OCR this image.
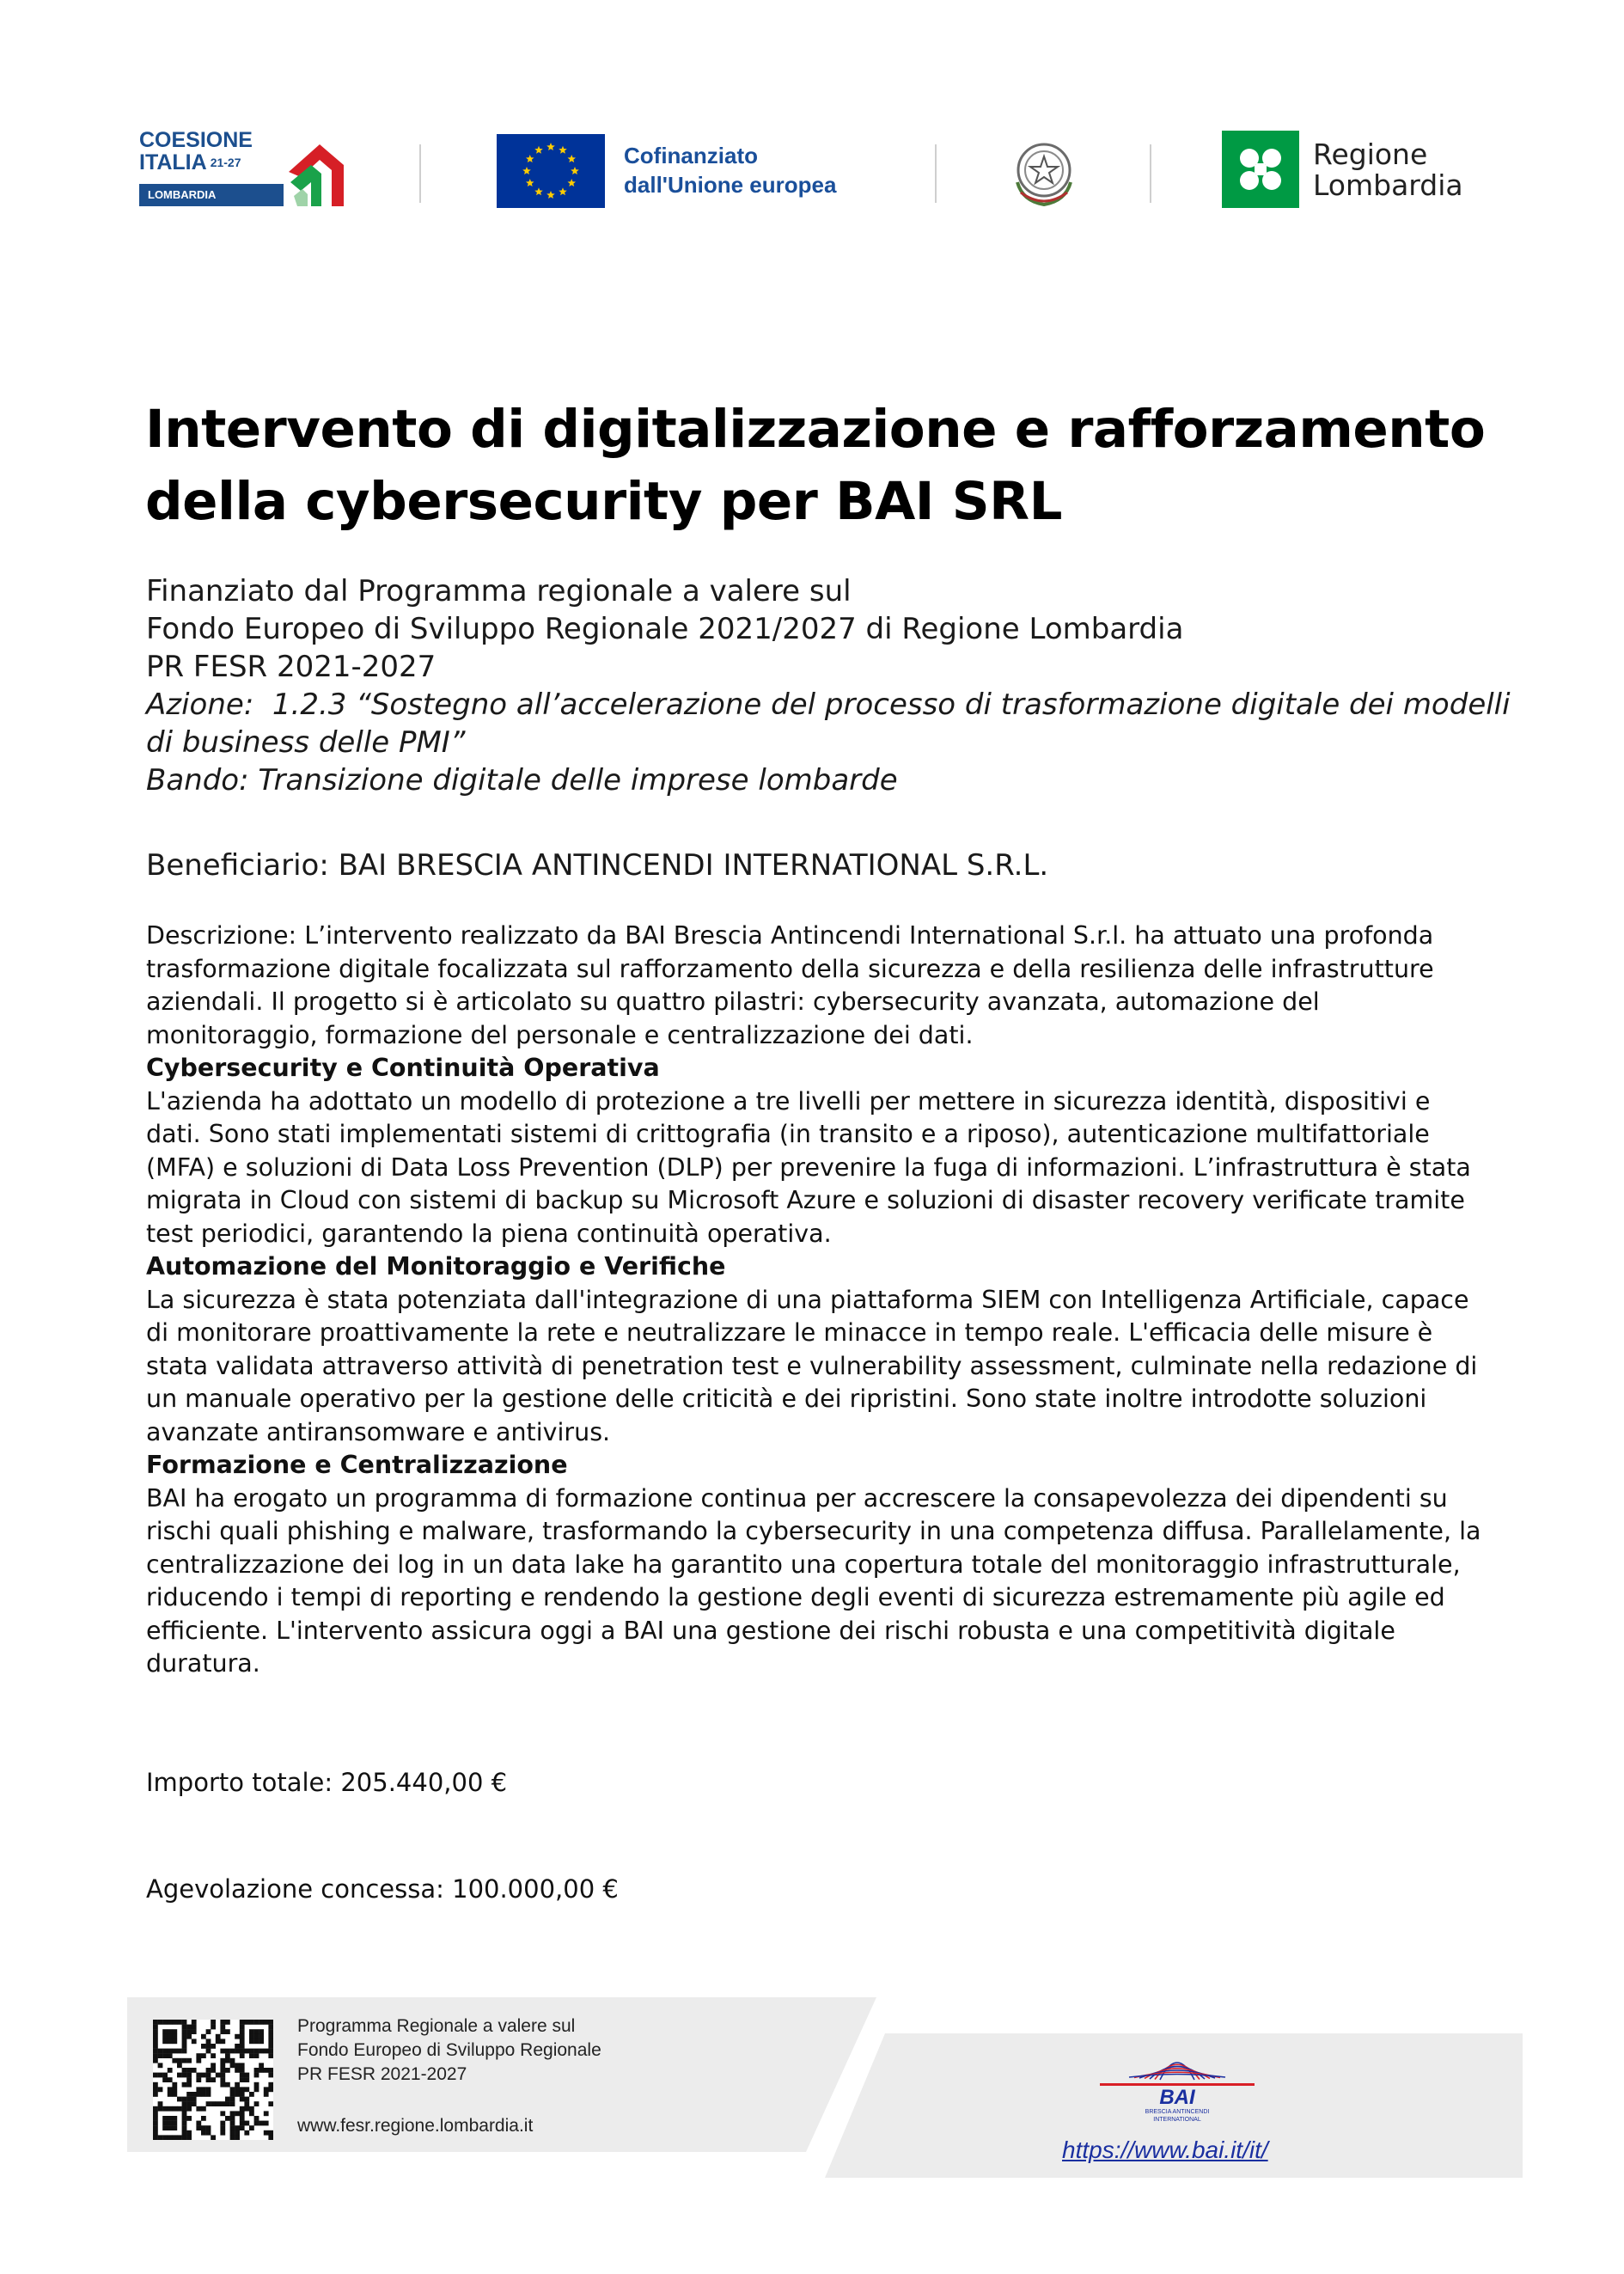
COESIONE
ITALIA $^{21-27}$
LOMBARDIA
Cofinanziato
dall'Unione europea
Regione
Lombardia
Intervento di digitalizzazione e rafforzamento della cybersecurity per BAI SRL
Finanziato dal Programma regionale a valere sul
Fondo Europeo di Sviluppo Regionale 2021/2027 di Regione Lombardia
PR FESR 2021-2027
Azione:  1.2.3 “Sostegno all’accelerazione del processo di trasformazione digitale dei modelli di business delle PMI”
Bando: Transizione digitale delle imprese lombarde
Beneficiario: BAI BRESCIA ANTINCENDI INTERNATIONAL S.R.L.

Descrizione: L’intervento realizzato da BAI Brescia Antincendi International S.r.l. ha attuato una profonda trasformazione digitale focalizzata sul rafforzamento della sicurezza e della resilienza delle infrastrutture aziendali. Il progetto si è articolato su quattro pilastri: cybersecurity avanzata, automazione del monitoraggio, formazione del personale e centralizzazione dei dati.

Cybersecurity e Continuità Operativa

L'azienda ha adottato un modello di protezione a tre livelli per mettere in sicurezza identità, dispositivi e dati. Sono stati implementati sistemi di crittografia (in transito e a riposo), autenticazione multifattoriale (MFA) e soluzioni di Data Loss Prevention (DLP) per prevenire la fuga di informazioni. L’infrastruttura è stata migrata in Cloud con sistemi di backup su Microsoft Azure e soluzioni di disaster recovery verificate tramite test periodici, garantendo la piena continuità operativa.

Automazione del Monitoraggio e Verifiche

La sicurezza è stata potenziata dall'integrazione di una piattaforma SIEM con Intelligenza Artificiale, capace di monitorare proattivamente la rete e neutralizzare le minacce in tempo reale. L'efficacia delle misure è stata validata attraverso attività di penetration test e vulnerability assessment, culminate nella redazione di un manuale operativo per la gestione delle criticità e dei ripristini. Sono state inoltre introdotte soluzioni avanzate antiransomware e antivirus.

Formazione e Centralizzazione

BAI ha erogato un programma di formazione continua per accrescere la consapevolezza dei dipendenti su rischi quali phishing e malware, trasformando la cybersecurity in una competenza diffusa. Parallelamente, la centralizzazione dei log in un data lake ha garantito una copertura totale del monitoraggio infrastrutturale, riducendo i tempi di reporting e rendendo la gestione degli eventi di sicurezza estremamente più agile ed efficiente. L'intervento assicura oggi a BAI una gestione dei rischi robusta e una competitività digitale duratura.

Importo totale: 205.440,00 €
Agevolazione concessa: 100.000,00 €
Programma Regionale a valere sul
Fondo Europeo di Sviluppo Regionale
PR FESR 2021-2027
www.fesr.regione.lombardia.it
BAI
BRESCIA ANTINCENDI
INTERNATIONAL
https://www.bai.it/it/
